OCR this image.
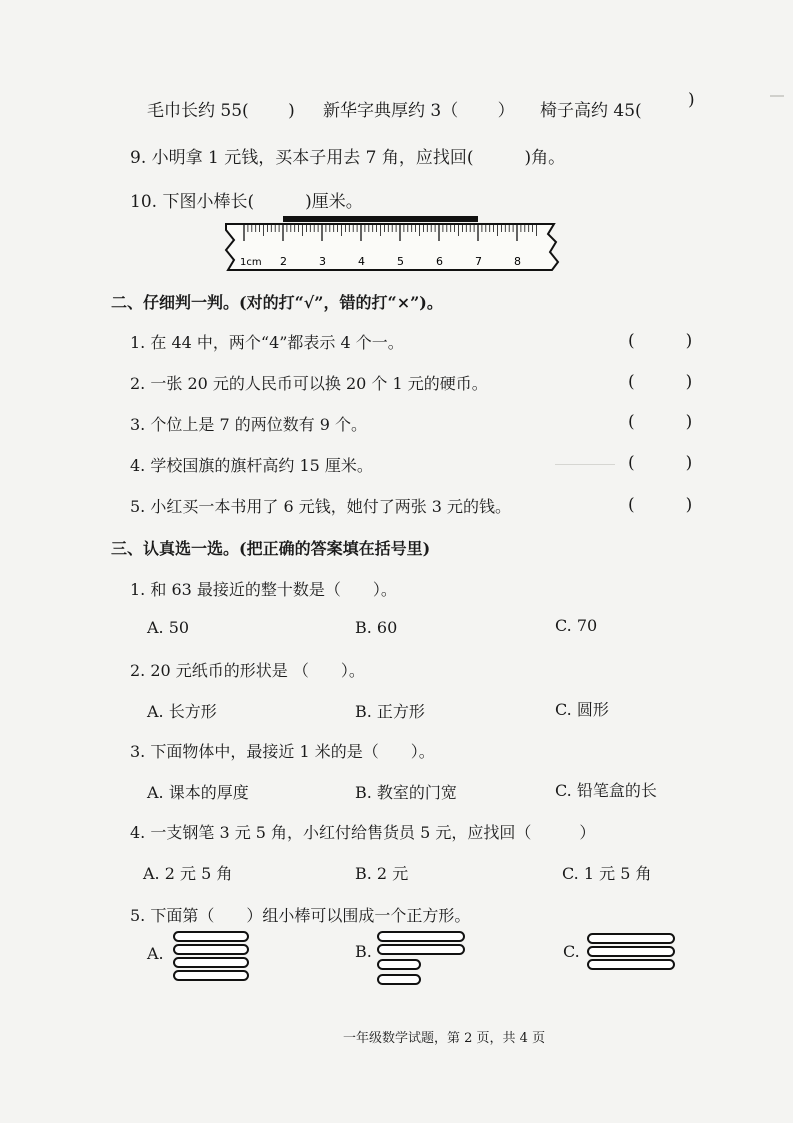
毛巾长约 55(　　 ) 新华字典厚约 3（　　 ） 椅子高约 45(
)
9. 小明拿 1 元钱，买本子用去 7 角，应找回(　　　)角。
10. 下图小棒长(　　　)厘米。
1cm 2	3	4	5	6	7	8
二、仔细判一判。(对的打“√”，错的打“×”)。
1. 在 44 中，两个“4”都表示 4 个一。	(　　　)
2. 一张 20 元的人民币可以换 20 个 1 元的硬币。	(　　　)
3. 个位上是 7 的两位数有 9 个。	(　　　)
4. 学校国旗的旗杆高约 15 厘米。	(　　　)
5. 小红买一本书用了 6 元钱，她付了两张 3 元的钱。	(　　　)
三、认真选一选。(把正确的答案填在括号里)
1. 和 63 最接近的整十数是（　　）。
A. 50	B. 60	C. 70
2. 20 元纸币的形状是 （　　）。
A. 长方形	B. 正方形	C. 圆形
3. 下面物体中，最接近 1 米的是（　　）。
A. 课本的厚度	B. 教室的门宽	C. 铅笔盒的长
4. 一支钢笔 3 元 5 角，小红付给售货员 5 元，应找回（　　　）
A. 2 元 5 角	B. 2 元	C. 1 元 5 角
5. 下面第（　　）组小棒可以围成一个正方形。
A.	B.	C.
一年级数学试题，第 2 页，共 4 页
